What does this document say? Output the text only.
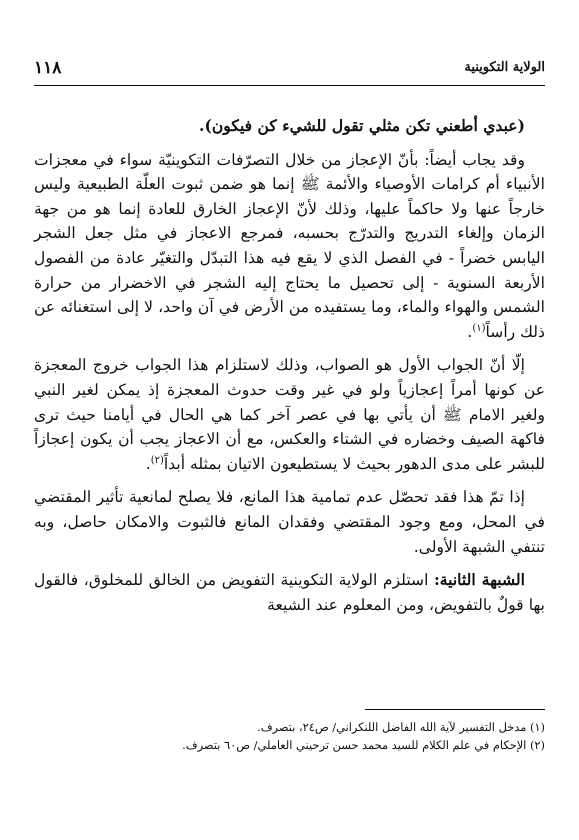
١١٨	الولاية التكوينية

(عبدي أطعني تكن مثلي تقول للشيء كن فيكون).

وقد يجاب أيضاً: بأنّ الإعجاز من خلال التصرّفات التكوينيّة سواء في معجزات الأنبياء أم كرامات الأوصياء والأئمة ﷺ إنما هو ضمن ثبوت العلّة الطبيعية وليس خارجاً عنها ولا حاكماً عليها، وذلك لأنّ الإعجاز الخارق للعادة إنما هو من جهة الزمان وإلغاء التدريج والتدرّج بحسبه، فمرجع الاعجاز في مثل جعل الشجر اليابس خضراً - في الفصل الذي لا يقع فيه هذا التبدّل والتغيّر عادة من الفصول الأربعة السنوية - إلى تحصيل ما يحتاج إليه الشجر في الاخضرار من حرارة الشمس والهواء والماء، وما يستفيده من الأرض في آن واحد، لا إلى استغنائه عن ذلك رأساً$^{(١)}$.

إلّا أنّ الجواب الأول هو الصواب، وذلك لاستلزام هذا الجواب خروج المعجزة عن كونها أمراً إعجازياً ولو في غير وقت حدوث المعجزة إذ يمكن لغير النبي ولغير الامام ﷺ أن يأتي بها في عصر آخر كما هي الحال في أيامنا حيث ترى فاكهة الصيف وخضاره في الشتاء والعكس، مع أن الاعجاز يجب أن يكون إعجازاً للبشر على مدى الدهور بحيث لا يستطيعون الاتيان بمثله أبداً$^{(٢)}$.

إذا تمّ هذا فقد تحصّل عدم تمامية هذا المانع، فلا يصلح لمانعية تأثير المقتضي في المحل، ومع وجود المقتضي وفقدان المانع فالثبوت والامكان حاصل، وبه تنتفي الشبهة الأولى.

الشبهة الثانية: استلزم الولاية التكوينية التفويض من الخالق للمخلوق، فالقول بها قولٌ بالتفويض، ومن المعلوم عند الشيعة

(١) مدخل التفسير لآية الله الفاضل اللنكراني/ ص٢٤، بتصرف.
(٢) الإحكام في علم الكلام للسيد محمد حسن ترحيني العاملي/ ص٦٠ بتصرف.
